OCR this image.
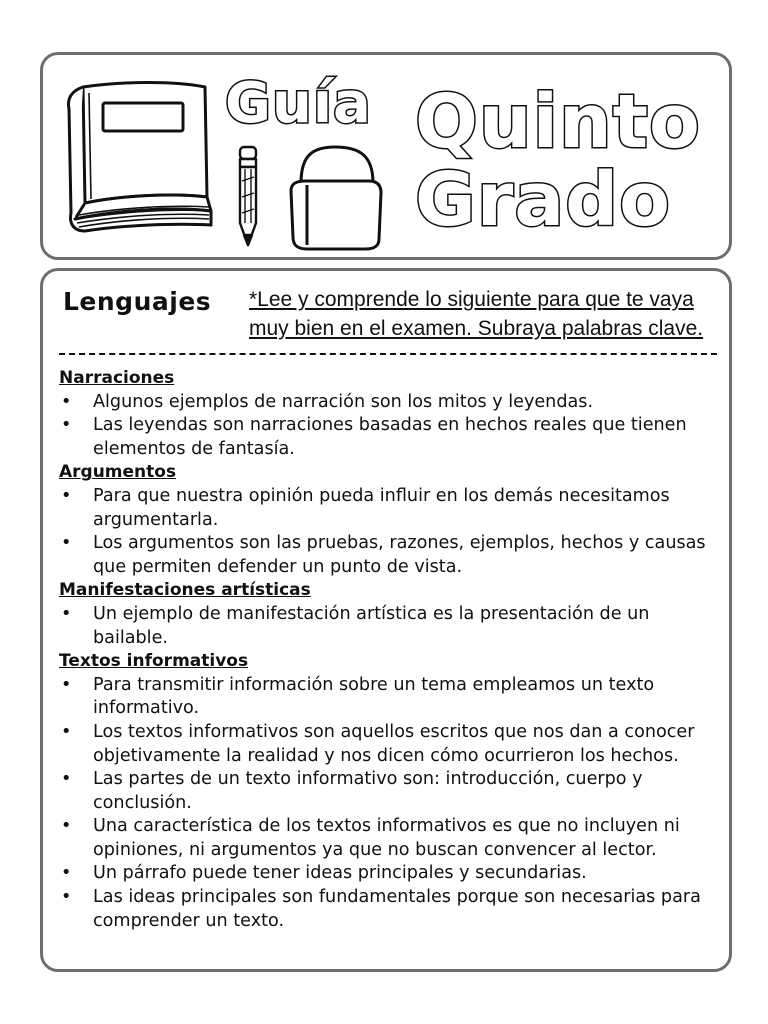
Guía Quinto
Grado
Lenguajes *Lee y comprende lo siguiente para que te vaya muy bien en el examen. Subraya palabras clave.

Narraciones

• Algunos ejemplos de narración son los mitos y leyendas.
• Las leyendas son narraciones basadas en hechos reales que tienen elementos de fantasía.

Argumentos

• Para que nuestra opinión pueda influir en los demás necesitamos argumentarla.
• Los argumentos son las pruebas, razones, ejemplos, hechos y causas que permiten defender un punto de vista.

Manifestaciones artísticas

• Un ejemplo de manifestación artística es la presentación de un bailable.

Textos informativos

• Para transmitir información sobre un tema empleamos un texto informativo.
• Los textos informativos son aquellos escritos que nos dan a conocer objetivamente la realidad y nos dicen cómo ocurrieron los hechos.
• Las partes de un texto informativo son: introducción, cuerpo y conclusión.
• Una característica de los textos informativos es que no incluyen ni opiniones, ni argumentos ya que no buscan convencer al lector.
• Un párrafo puede tener ideas principales y secundarias.
• Las ideas principales son fundamentales porque son necesarias para comprender un texto.
